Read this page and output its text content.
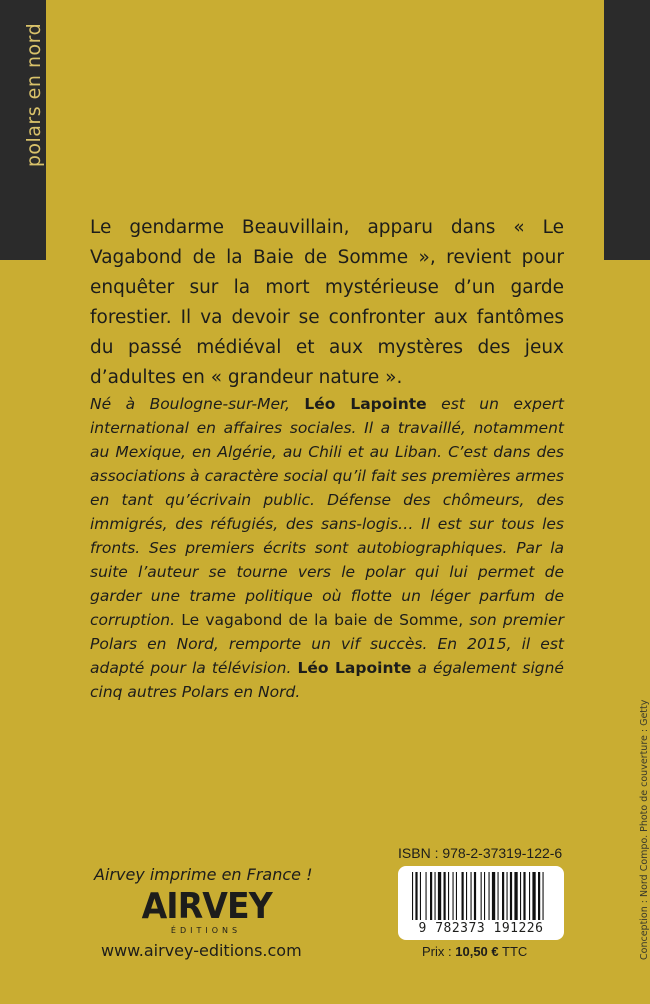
polars en nord

Le gendarme Beauvillain, apparu dans « Le Vagabond de la Baie de Somme », revient pour enquêter sur la mort mystérieuse d’un garde forestier. Il va devoir se confronter aux fantômes du passé médiéval et aux mystères des jeux d’adultes en « grandeur nature ».

Né à Boulogne-sur-Mer, Léo Lapointe est un expert international en affaires sociales. Il a travaillé, notamment au Mexique, en Algérie, au Chili et au Liban. C’est dans des associations à caractère social qu’il fait ses premières armes en tant qu’écrivain public. Défense des chômeurs, des immigrés, des réfugiés, des sans-logis… Il est sur tous les fronts. Ses premiers écrits sont autobiographiques. Par la suite l’auteur se tourne vers le polar qui lui permet de garder une trame politique où flotte un léger parfum de corruption. Le vagabond de la baie de Somme, son premier Polars en Nord, remporte un vif succès. En 2015, il est adapté pour la télévision. Léo Lapointe a également signé cinq autres Polars en Nord.

Conception : Nord Compo. Photo de couverture : Getty
Airvey imprime en France !
AIRVEY
ÉDITIONS
www.airvey-editions.com
ISBN : 978-2-37319-122-6
9 782373 191226
Prix : 10,50 € TTC
